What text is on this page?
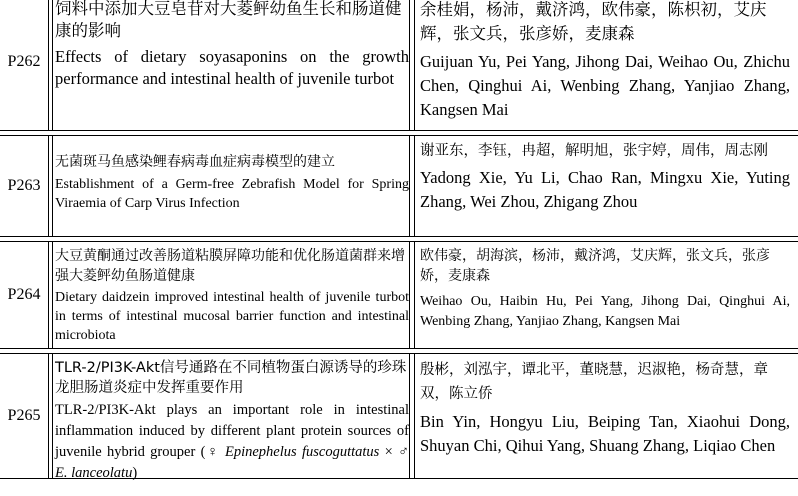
P262

饲料中添加大豆皂苷对大菱鲆幼鱼生长和肠道健康的影响

Effects of dietary soyasaponins on the growth performance and intestinal health of juvenile turbot

余桂娟，杨沛，戴济鸿，欧伟豪，陈枳初，艾庆辉，张文兵，张彦娇，麦康森

Guijuan Yu, Pei Yang, Jihong Dai, Weihao Ou, Zhichu Chen, Qinghui Ai, Wenbing Zhang, Yanjiao Zhang, Kangsen Mai

P263

无菌斑马鱼感染鲤春病毒血症病毒模型的建立

Establishment of a Germ-free Zebrafish Model for Spring Viraemia of Carp Virus Infection

谢亚东，李钰，冉超，解明旭，张宇婷，周伟，周志刚

Yadong Xie, Yu Li, Chao Ran, Mingxu Xie, Yuting Zhang, Wei Zhou, Zhigang Zhou

P264

大豆黄酮通过改善肠道粘膜屏障功能和优化肠道菌群来增强大菱鲆幼鱼肠道健康

Dietary daidzein improved intestinal health of juvenile turbot in terms of intestinal mucosal barrier function and intestinal microbiota

欧伟豪，胡海滨，杨沛，戴济鸿，艾庆辉，张文兵，张彦娇，麦康森

Weihao Ou, Haibin Hu, Pei Yang, Jihong Dai, Qinghui Ai, Wenbing Zhang, Yanjiao Zhang, Kangsen Mai

P265

TLR-2/PI3K-Akt信号通路在不同植物蛋白源诱导的珍珠龙胆肠道炎症中发挥重要作用

TLR-2/PI3K-Akt plays an important role in intestinal inflammation induced by different plant protein sources of juvenile hybrid grouper (♀ Epinephelus fuscoguttatus × ♂ E. lanceolatu)

殷彬，刘泓宇，谭北平，董晓慧，迟淑艳，杨奇慧，章双，陈立侨

Bin Yin, Hongyu Liu, Beiping Tan, Xiaohui Dong, Shuyan Chi, Qihui Yang, Shuang Zhang, Liqiao Chen
